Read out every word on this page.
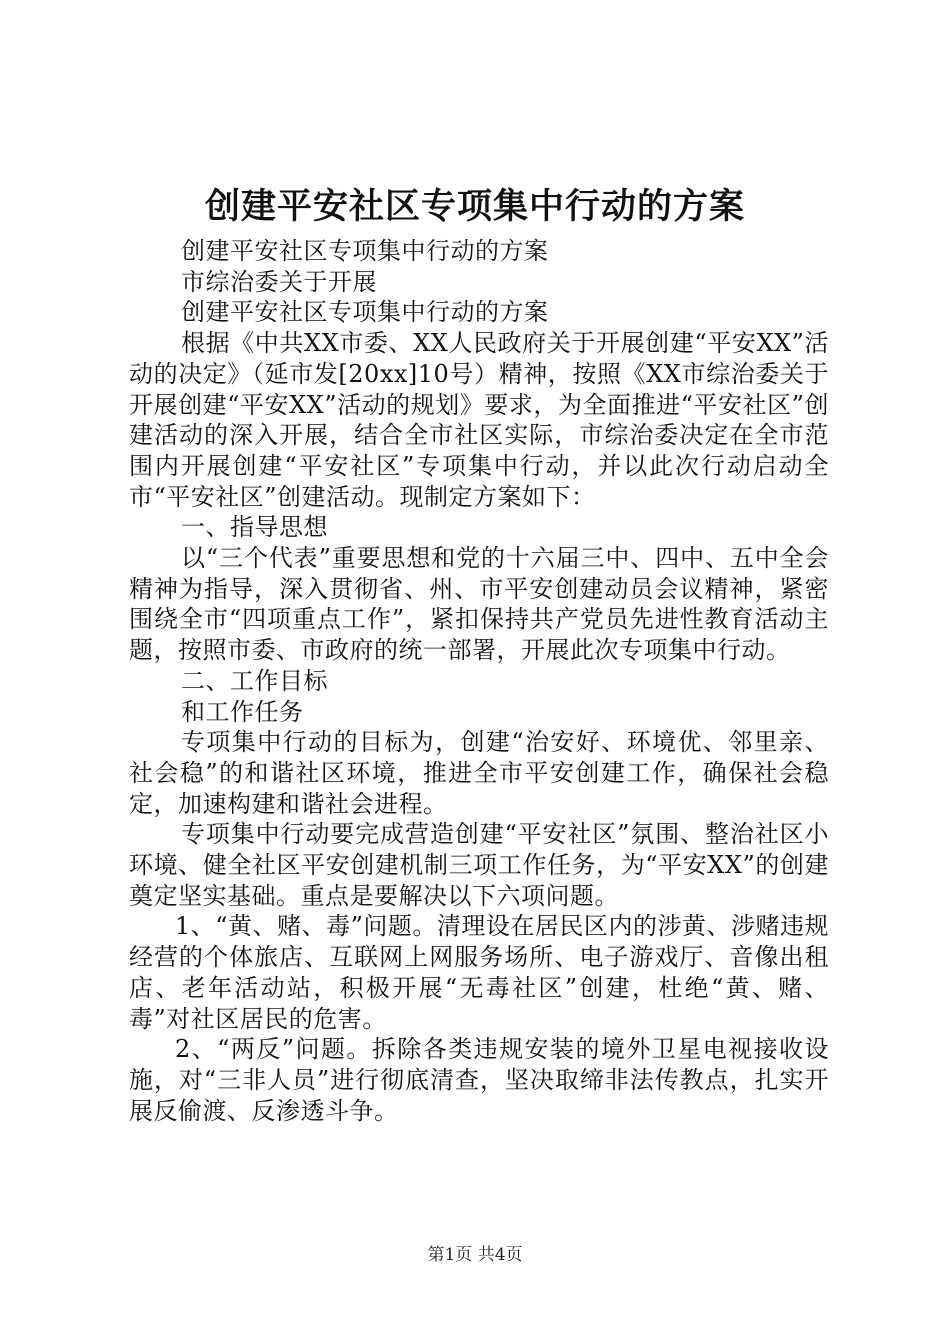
创建平安社区专项集中行动的方案

创建平安社区专项集中行动的方案

市综治委关于开展

创建平安社区专项集中行动的方案

根据《中共XX市委、XX人民政府关于开展创建“平安XX”活动的决定》（延市发[20xx]10号）精神，按照《XX市综治委关于开展创建“平安XX”活动的规划》要求，为全面推进“平安社区”创建活动的深入开展，结合全市社区实际，市综治委决定在全市范围内开展创建“平安社区”专项集中行动，并以此次行动启动全市“平安社区”创建活动。现制定方案如下：

一、指导思想

以“三个代表”重要思想和党的十六届三中、四中、五中全会精神为指导，深入贯彻省、州、市平安创建动员会议精神，紧密围绕全市“四项重点工作”，紧扣保持共产党员先进性教育活动主题，按照市委、市政府的统一部署，开展此次专项集中行动。

二、工作目标

和工作任务

专项集中行动的目标为，创建“治安好、环境优、邻里亲、社会稳”的和谐社区环境，推进全市平安创建工作，确保社会稳定，加速构建和谐社会进程。

专项集中行动要完成营造创建“平安社区”氛围、整治社区小环境、健全社区平安创建机制三项工作任务，为“平安XX”的创建奠定坚实基础。重点是要解决以下六项问题。

1、“黄、赌、毒”问题。清理设在居民区内的涉黄、涉赌违规经营的个体旅店、互联网上网服务场所、电子游戏厅、音像出租店、老年活动站，积极开展“无毒社区”创建，杜绝“黄、赌、毒”对社区居民的危害。

2、“两反”问题。拆除各类违规安装的境外卫星电视接收设施，对“三非人员”进行彻底清查，坚决取缔非法传教点，扎实开展反偷渡、反渗透斗争。

第1页 共4页
